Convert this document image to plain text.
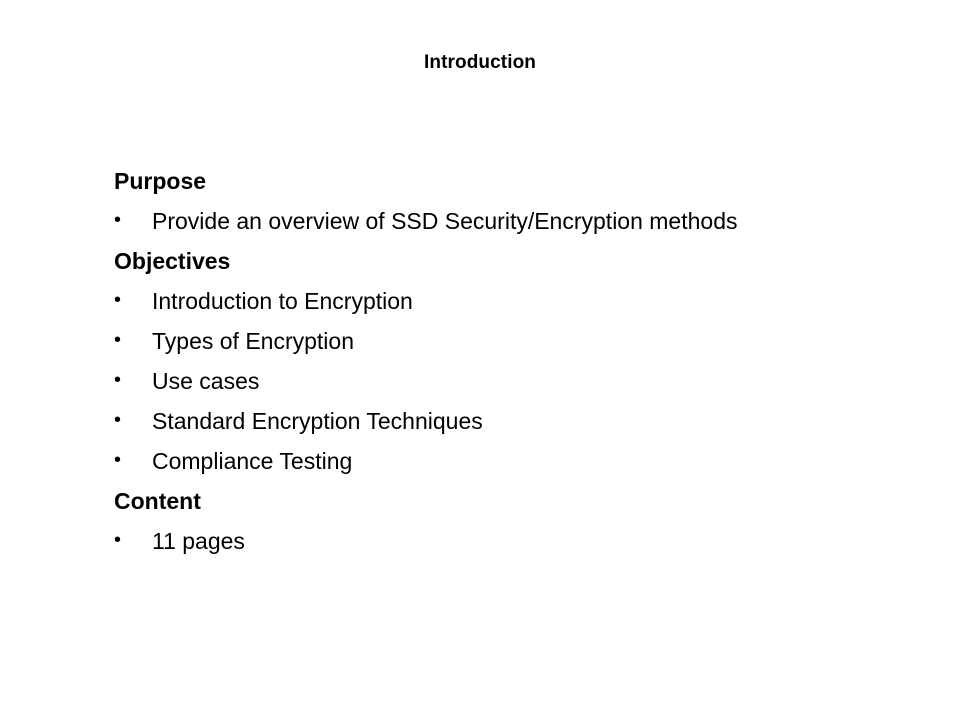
Introduction
Purpose
•	Provide an overview of SSD Security/Encryption methods
Objectives
•	Introduction to Encryption
•	Types of Encryption
•	Use cases
•	Standard Encryption Techniques
•	Compliance Testing
Content
•	11 pages
